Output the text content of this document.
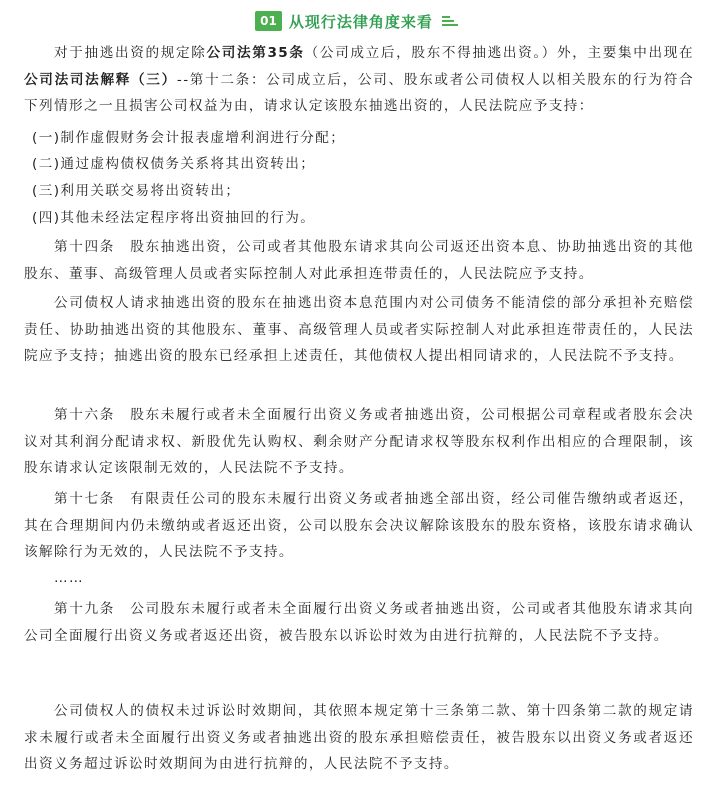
01 从现行法律角度来看
对于抽逃出资的规定除公司法第35条（公司成立后，股东不得抽逃出资。）外，主要集中出现在公司法司法解释（三）--第十二条：公司成立后，公司、股东或者公司债权人以相关股东的行为符合下列情形之一且损害公司权益为由，请求认定该股东抽逃出资的，人民法院应予支持：
(一)制作虚假财务会计报表虚增利润进行分配；
(二)通过虚构债权债务关系将其出资转出；
(三)利用关联交易将出资转出；
(四)其他未经法定程序将出资抽回的行为。
第十四条　股东抽逃出资，公司或者其他股东请求其向公司返还出资本息、协助抽逃出资的其他股东、董事、高级管理人员或者实际控制人对此承担连带责任的，人民法院应予支持。
公司债权人请求抽逃出资的股东在抽逃出资本息范围内对公司债务不能清偿的部分承担补充赔偿责任、协助抽逃出资的其他股东、董事、高级管理人员或者实际控制人对此承担连带责任的，人民法院应予支持；抽逃出资的股东已经承担上述责任，其他债权人提出相同请求的，人民法院不予支持。
第十六条　股东未履行或者未全面履行出资义务或者抽逃出资，公司根据公司章程或者股东会决议对其利润分配请求权、新股优先认购权、剩余财产分配请求权等股东权利作出相应的合理限制，该股东请求认定该限制无效的，人民法院不予支持。
第十七条　有限责任公司的股东未履行出资义务或者抽逃全部出资，经公司催告缴纳或者返还，其在合理期间内仍未缴纳或者返还出资，公司以股东会决议解除该股东的股东资格，该股东请求确认该解除行为无效的，人民法院不予支持。
……
第十九条　公司股东未履行或者未全面履行出资义务或者抽逃出资，公司或者其他股东请求其向公司全面履行出资义务或者返还出资，被告股东以诉讼时效为由进行抗辩的，人民法院不予支持。
公司债权人的债权未过诉讼时效期间，其依照本规定第十三条第二款、第十四条第二款的规定请求未履行或者未全面履行出资义务或者抽逃出资的股东承担赔偿责任，被告股东以出资义务或者返还出资义务超过诉讼时效期间为由进行抗辩的，人民法院不予支持。
